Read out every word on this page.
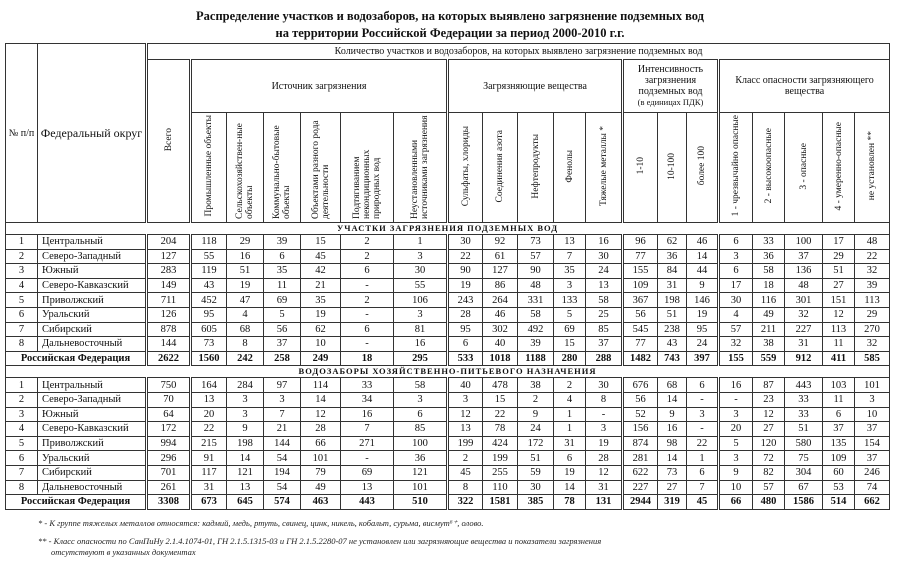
Распределение участков и водозаборов, на которых выявлено загрязнение подземных вод
на территории Российской Федерации за период 2000-2010 г.г.
№ п/п	Федеральный округ	Количество участков и водозаборов, на которых выявлено загрязнение подземных вод																			
		Всего	Источник загрязнения						Загрязняющие вещества					Интенсивность загрязнения подземных вод
(в единицах ПДК)			Класс опасности загрязняющего вещества				
			Промышленные объекты	Сельскохозяйствен-ные объекты	Коммунально-бытовые объекты	Объектами разного рода деятельности	Подтягиванием некондиционных природных вод	Неустановленными источниками загрязнения	Сульфаты, хлориды	Соединения азота	Нефтепродукты	Фенолы	Тяжелые металлы *	1-10	10-100	более 100	1 - чрезвычайно опасные	2 - высокоопасные	3 - опасные	4 - умеренно-опасные	не установлен **
УЧАСТКИ ЗАГРЯЗНЕНИЯ ПОДЗЕМНЫХ ВОД																					
1	Центральный	204	118	29	39	15	2	1	30	92	73	13	16	96	62	46	6	33	100	17	48
2	Северо-Западный	127	55	16	6	45	2	3	22	61	57	7	30	77	36	14	3	36	37	29	22
3	Южный	283	119	51	35	42	6	30	90	127	90	35	24	155	84	44	6	58	136	51	32
4	Северо-Кавказский	149	43	19	11	21	-	55	19	86	48	3	13	109	31	9	17	18	48	27	39
5	Приволжский	711	452	47	69	35	2	106	243	264	331	133	58	367	198	146	30	116	301	151	113
6	Уральский	126	95	4	5	19	-	3	28	46	58	5	25	56	51	19	4	49	32	12	29
7	Сибирский	878	605	68	56	62	6	81	95	302	492	69	85	545	238	95	57	211	227	113	270
8	Дальневосточный	144	73	8	37	10	-	16	6	40	39	15	37	77	43	24	32	38	31	11	32
Российская Федерация		2622	1560	242	258	249	18	295	533	1018	1188	280	288	1482	743	397	155	559	912	411	585
ВОДОЗАБОРЫ ХОЗЯЙСТВЕННО-ПИТЬЕВОГО НАЗНАЧЕНИЯ																					
1	Центральный	750	164	284	97	114	33	58	40	478	38	2	30	676	68	6	16	87	443	103	101
2	Северо-Западный	70	13	3	3	14	34	3	3	15	2	4	8	56	14	-	-	23	33	11	3
3	Южный	64	20	3	7	12	16	6	12	22	9	1	-	52	9	3	3	12	33	6	10
4	Северо-Кавказский	172	22	9	21	28	7	85	13	78	24	1	3	156	16	-	20	27	51	37	37
5	Приволжский	994	215	198	144	66	271	100	199	424	172	31	19	874	98	22	5	120	580	135	154
6	Уральский	296	91	14	54	101	-	36	2	199	51	6	28	281	14	1	3	72	75	109	37
7	Сибирский	701	117	121	194	79	69	121	45	255	59	19	12	622	73	6	9	82	304	60	246
8	Дальневосточный	261	31	13	54	49	13	101	8	110	30	14	31	227	27	7	10	57	67	53	74
Российская Федерация		3308	673	645	574	463	443	510	322	1581	385	78	131	2944	319	45	66	480	1586	514	662
* - К группе тяжелых металлов относятся: кадмий, медь, ртуть, свинец, цинк, никель, кобальт, сурьма, висмут⁶⁺, олово.
** - Класс опасности по СанПиНу 2.1.4.1074-01, ГН 2.1.5.1315-03 и ГН 2.1.5.2280-07 не установлен или загрязняющие вещества и показатели загрязнения
отсутствуют в указанных документах
